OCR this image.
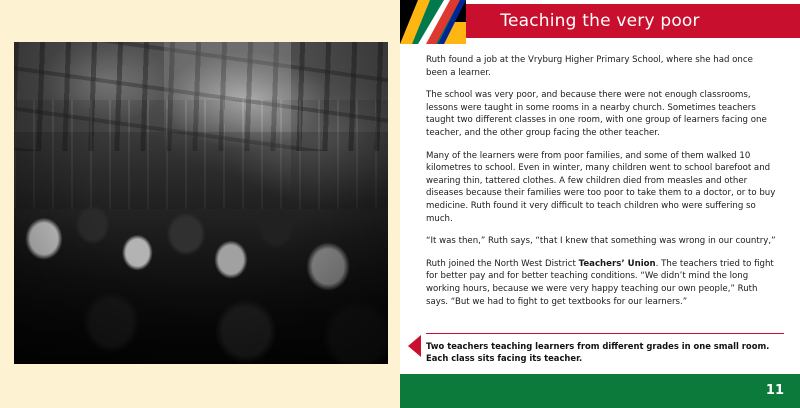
Teaching the very poor

Ruth found a job at the Vryburg Higher Primary School, where she had once been a learner.

The school was very poor, and because there were not enough classrooms, lessons were taught in some rooms in a nearby church. Sometimes teachers taught two different classes in one room, with one group of learners facing one teacher, and the other group facing the other teacher.

Many of the learners were from poor families, and some of them walked 10 kilometres to school. Even in winter, many children went to school barefoot and wearing thin, tattered clothes. A few children died from measles and other diseases because their families were too poor to take them to a doctor, or to buy medicine. Ruth found it very difficult to teach children who were suffering so much.

“It was then,” Ruth says, “that I knew that something was wrong in our country,”

Ruth joined the North West District Teachers’ Union. The teachers tried to fight for better pay and for better teaching conditions. “We didn’t mind the long working hours, because we were very happy teaching our own people,” Ruth says. “But we had to fight to get textbooks for our learners.”

Two teachers teaching learners from different grades in one small room. Each class sits facing its teacher.
11
